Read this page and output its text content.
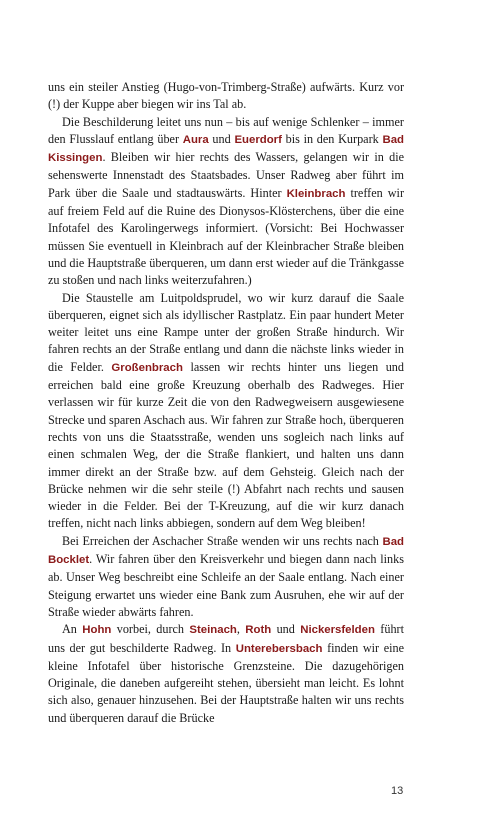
uns ein steiler Anstieg (Hugo-von-Trimberg-Straße) aufwärts. Kurz vor (!) der Kuppe aber biegen wir ins Tal ab.

Die Beschilderung leitet uns nun – bis auf wenige Schlenker – immer den Flusslauf entlang über Aura und Euerdorf bis in den Kurpark Bad Kissingen. Bleiben wir hier rechts des Wassers, gelangen wir in die sehenswerte Innenstadt des Staatsbades. Unser Radweg aber führt im Park über die Saale und stadtauswärts. Hinter Kleinbrach treffen wir auf freiem Feld auf die Ruine des Dionysos-Klösterchens, über die eine Infotafel des Karolingerwegs informiert. (Vorsicht: Bei Hochwasser müssen Sie eventuell in Kleinbrach auf der Kleinbracher Straße bleiben und die Hauptstraße überqueren, um dann erst wieder auf die Tränkgasse zu stoßen und nach links weiterzufahren.)

Die Staustelle am Luitpoldsprudel, wo wir kurz darauf die Saale überqueren, eignet sich als idyllischer Rastplatz. Ein paar hundert Meter weiter leitet uns eine Rampe unter der großen Straße hindurch. Wir fahren rechts an der Straße entlang und dann die nächste links wieder in die Felder. Großenbrach lassen wir rechts hinter uns liegen und erreichen bald eine große Kreuzung oberhalb des Radweges. Hier verlassen wir für kurze Zeit die von den Radwegweisern ausgewiesene Strecke und sparen Aschach aus. Wir fahren zur Straße hoch, überqueren rechts von uns die Staatsstraße, wenden uns sogleich nach links auf einen schmalen Weg, der die Straße flankiert, und halten uns dann immer direkt an der Straße bzw. auf dem Gehsteig. Gleich nach der Brücke nehmen wir die sehr steile (!) Abfahrt nach rechts und sausen wieder in die Felder. Bei der T-Kreuzung, auf die wir kurz danach treffen, nicht nach links abbiegen, sondern auf dem Weg bleiben!

Bei Erreichen der Aschacher Straße wenden wir uns rechts nach Bad Bocklet. Wir fahren über den Kreisverkehr und biegen dann nach links ab. Unser Weg beschreibt eine Schleife an der Saale entlang. Nach einer Steigung erwartet uns wieder eine Bank zum Ausruhen, ehe wir auf der Straße wieder abwärts fahren.

An Hohn vorbei, durch Steinach, Roth und Nickersfelden führt uns der gut beschilderte Radweg. In Unterebersbach finden wir eine kleine Infotafel über historische Grenzsteine. Die dazugehörigen Originale, die daneben aufgereiht stehen, übersieht man leicht. Es lohnt sich also, genauer hinzusehen. Bei der Hauptstraße halten wir uns rechts und überqueren darauf die Brücke

13
